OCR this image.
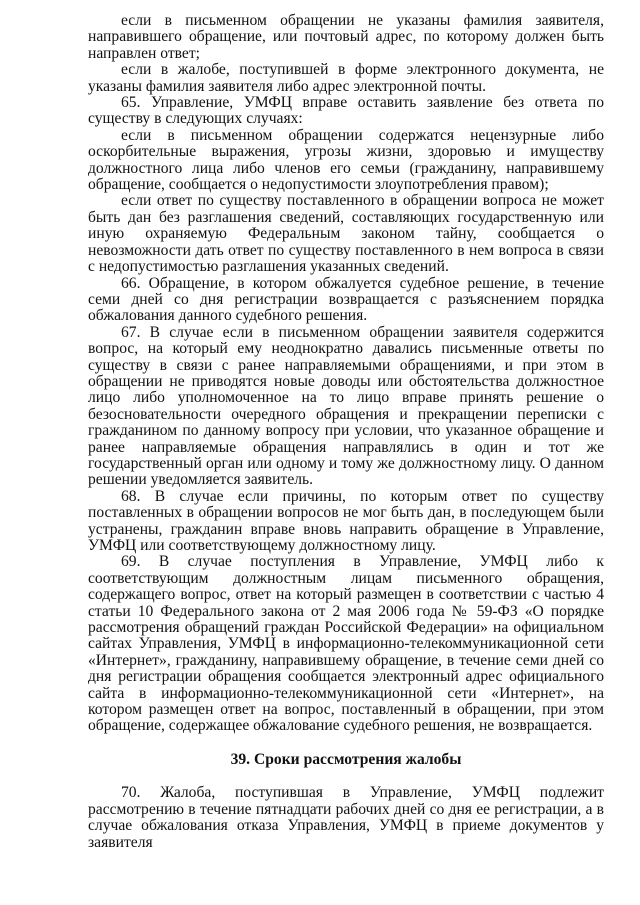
если в письменном обращении не указаны фамилия заявителя, направившего обращение, или почтовый адрес, по которому должен быть направлен ответ;

если в жалобе, поступившей в форме электронного документа, не указаны фамилия заявителя либо адрес электронной почты.

65. Управление, УМФЦ вправе оставить заявление без ответа по существу в следующих случаях:

если в письменном обращении содержатся нецензурные либо оскорбительные выражения, угрозы жизни, здоровью и имуществу должностного лица либо членов его семьи (гражданину, направившему обращение, сообщается о недопустимости злоупотребления правом);

если ответ по существу поставленного в обращении вопроса не может быть дан без разглашения сведений, составляющих государственную или иную охраняемую Федеральным законом тайну, сообщается о невозможности дать ответ по существу поставленного в нем вопроса в связи с недопустимостью разглашения указанных сведений.

66. Обращение, в котором обжалуется судебное решение, в течение семи дней со дня регистрации возвращается с разъяснением порядка обжалования данного судебного решения.

67. В случае если в письменном обращении заявителя содержится вопрос, на который ему неоднократно давались письменные ответы по существу в связи с ранее направляемыми обращениями, и при этом в обращении не приводятся новые доводы или обстоятельства должностное лицо либо уполномоченное на то лицо вправе принять решение о безосновательности очередного обращения и прекращении переписки с гражданином по данному вопросу при условии, что указанное обращение и ранее направляемые обращения направлялись в один и тот же государственный орган или одному и тому же должностному лицу. О данном решении уведомляется заявитель.

68. В случае если причины, по которым ответ по существу поставленных в обращении вопросов не мог быть дан, в последующем были устранены, гражданин вправе вновь направить обращение в Управление, УМФЦ или соответствующему должностному лицу.

69. В случае поступления в Управление, УМФЦ либо к соответствующим должностным лицам письменного обращения, содержащего вопрос, ответ на который размещен в соответствии с частью 4 статьи 10 Федерального закона от 2 мая 2006 года № 59-ФЗ «О порядке рассмотрения обращений граждан Российской Федерации» на официальном сайтах Управления, УМФЦ в информационно-телекоммуникационной сети «Интернет», гражданину, направившему обращение, в течение семи дней со дня регистрации обращения сообщается электронный адрес официального сайта в информационно-телекоммуникационной сети «Интернет», на котором размещен ответ на вопрос, поставленный в обращении, при этом обращение, содержащее обжалование судебного решения, не возвращается.

39. Сроки рассмотрения жалобы

70. Жалоба, поступившая в Управление, УМФЦ подлежит рассмотрению в течение пятнадцати рабочих дней со дня ее регистрации, а в случае обжалования отказа Управления, УМФЦ в приеме документов у заявителя
